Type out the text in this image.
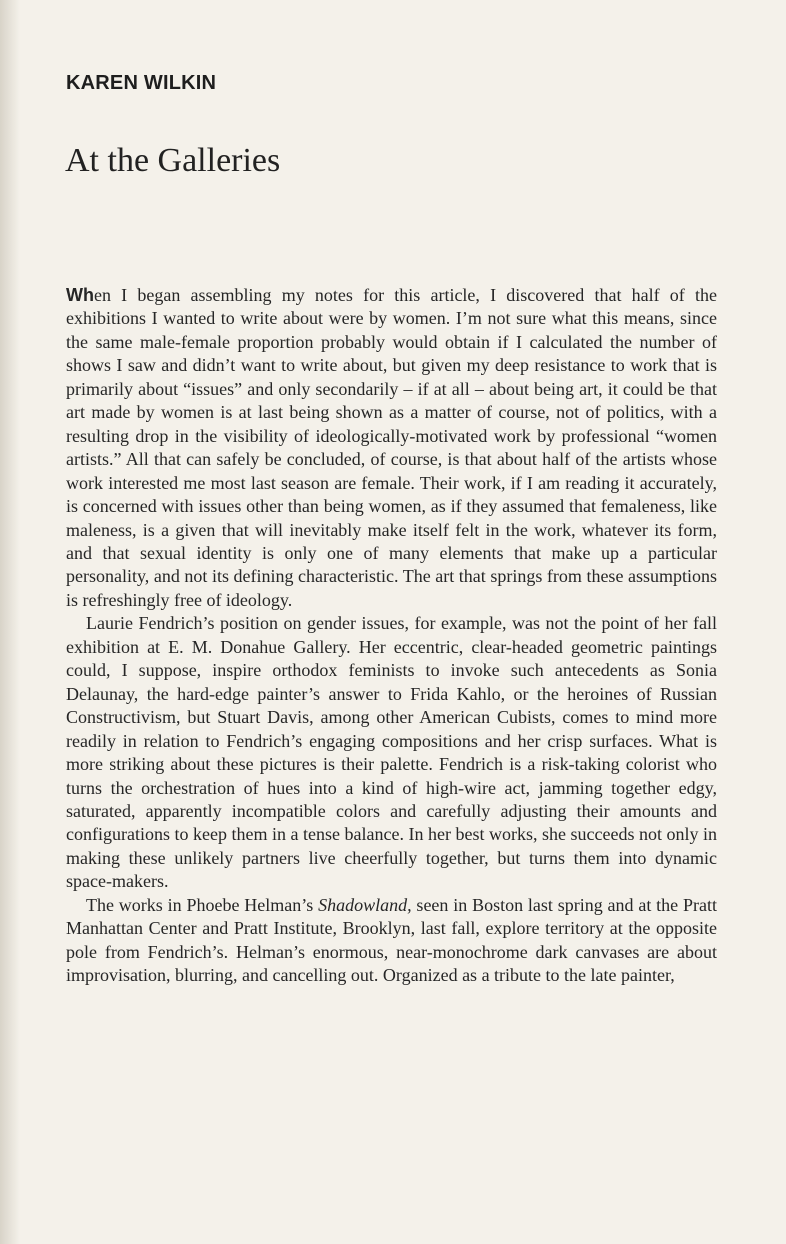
KAREN WILKIN
At the Galleries

When I began assembling my notes for this article, I discovered that half of the exhibitions I wanted to write about were by women. I’m not sure what this means, since the same male-female proportion probably would obtain if I calculated the number of shows I saw and didn’t want to write about, but given my deep resistance to work that is primarily about “issues” and only secondarily – if at all – about being art, it could be that art made by women is at last being shown as a matter of course, not of politics, with a resulting drop in the visibility of ideologically-motivated work by professional “women artists.” All that can safely be concluded, of course, is that about half of the artists whose work interested me most last season are female. Their work, if I am reading it accurately, is concerned with issues other than being women, as if they assumed that femaleness, like maleness, is a given that will inevitably make itself felt in the work, whatever its form, and that sexual identity is only one of many elements that make up a particular personality, and not its defining characteristic. The art that springs from these assumptions is refreshingly free of ideology.

Laurie Fendrich’s position on gender issues, for example, was not the point of her fall exhibition at E. M. Donahue Gallery. Her eccentric, clear-headed geometric paintings could, I suppose, inspire orthodox feminists to invoke such antecedents as Sonia Delaunay, the hard-edge painter’s answer to Frida Kahlo, or the heroines of Russian Constructivism, but Stuart Davis, among other American Cubists, comes to mind more readily in relation to Fendrich’s engaging compositions and her crisp surfaces. What is more striking about these pictures is their palette. Fendrich is a risk-taking colorist who turns the orchestration of hues into a kind of high-wire act, jamming together edgy, saturated, apparently incompatible colors and carefully adjusting their amounts and configurations to keep them in a tense balance. In her best works, she succeeds not only in making these unlikely partners live cheerfully together, but turns them into dynamic space-makers.

The works in Phoebe Helman’s Shadowland, seen in Boston last spring and at the Pratt Manhattan Center and Pratt Institute, Brooklyn, last fall, explore territory at the opposite pole from Fendrich’s. Helman’s enormous, near-monochrome dark canvases are about improvisation, blurring, and cancelling out. Organized as a tribute to the late painter,
